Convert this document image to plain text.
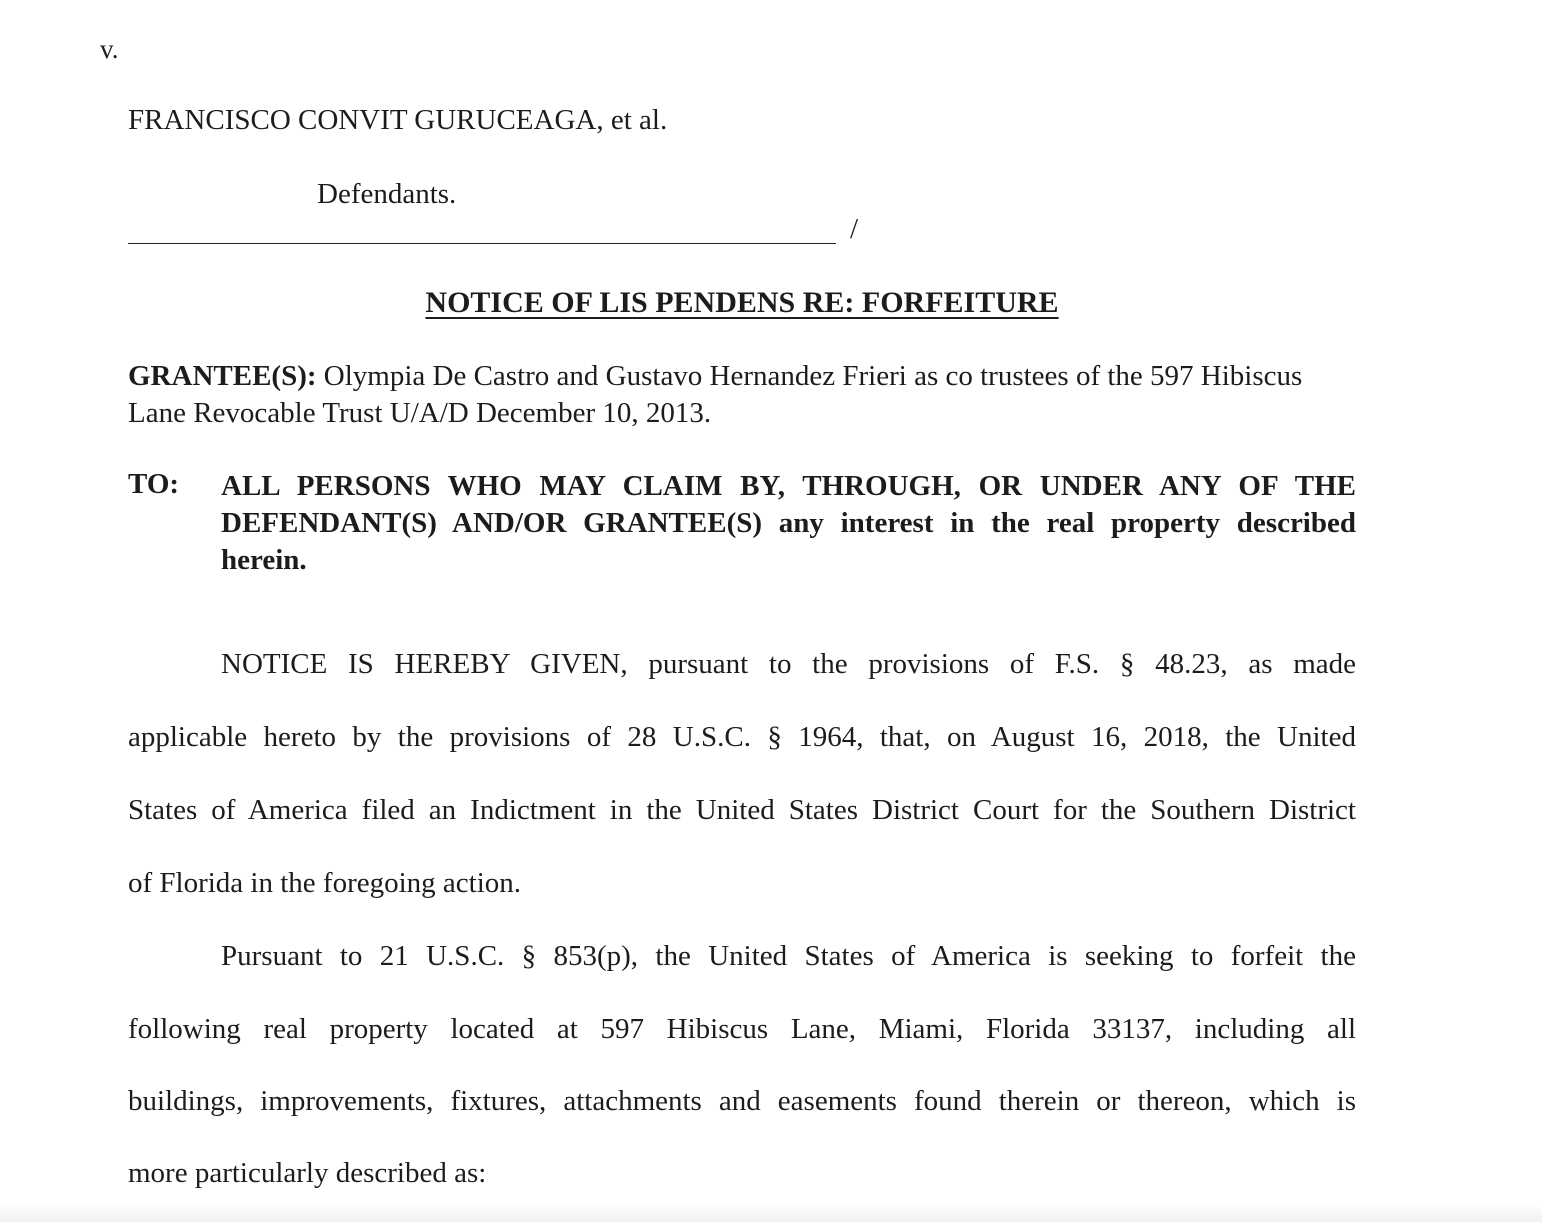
v.
FRANCISCO CONVIT GURUCEAGA, et al.
Defendants.
/
NOTICE OF LIS PENDENS RE: FORFEITURE
GRANTEE(S): Olympia De Castro and Gustavo Hernandez Frieri as co trustees of the 597 Hibiscus Lane Revocable Trust U/A/D December 10, 2013.
TO: ALL PERSONS WHO MAY CLAIM BY, THROUGH, OR UNDER ANY OF THE DEFENDANT(S) AND/OR GRANTEE(S) any interest in the real property described herein.
NOTICE IS HEREBY GIVEN, pursuant to the provisions of F.S. § 48.23, as made
applicable hereto by the provisions of 28 U.S.C. § 1964, that, on August 16, 2018, the United
States of America filed an Indictment in the United States District Court for the Southern District
of Florida in the foregoing action.
Pursuant to 21 U.S.C. § 853(p), the United States of America is seeking to forfeit the
following real property located at 597 Hibiscus Lane, Miami, Florida 33137, including all
buildings, improvements, fixtures, attachments and easements found therein or thereon, which is
more particularly described as:
